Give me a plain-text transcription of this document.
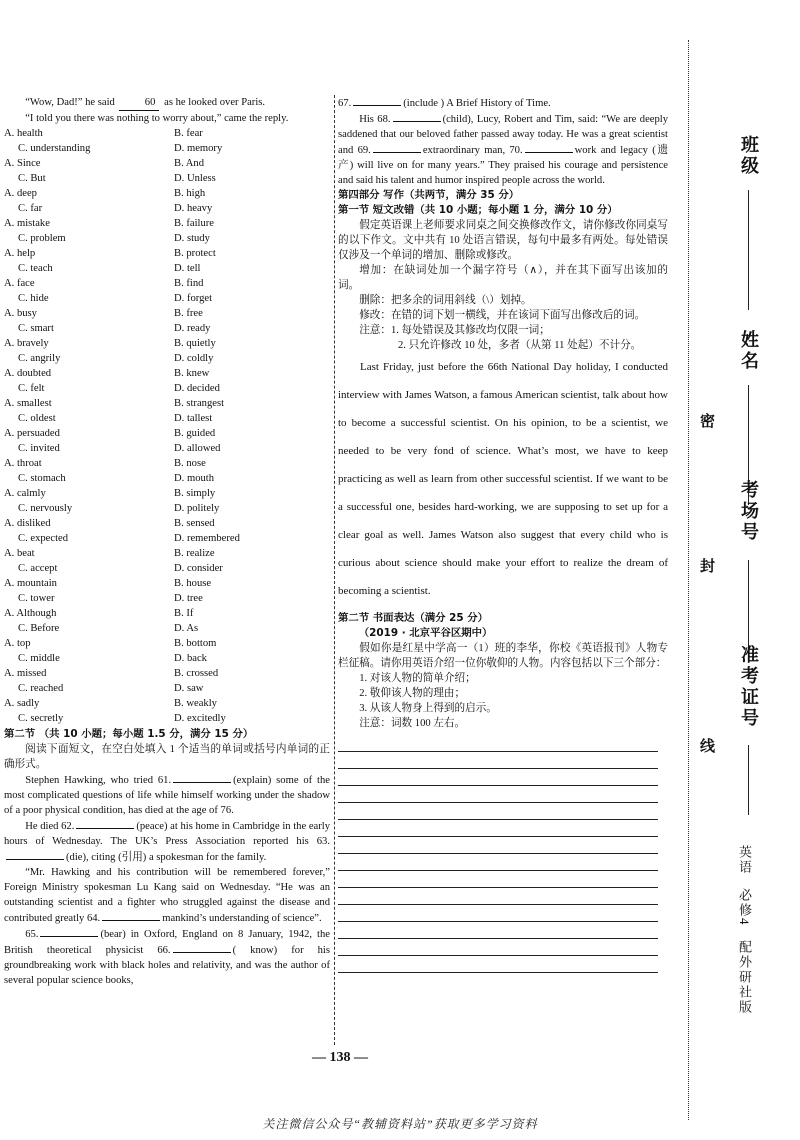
“Wow, Dad!” he said	60 as he looked over Paris.

“I told you there was nothing to worry about,” came the reply.

A. health	B. fear
C. understanding	D. memory
A. Since	B. And
C. But	D. Unless
A. deep	B. high
C. far	D. heavy
A. mistake	B. failure
C. problem	D. study
A. help	B. protect
C. teach	D. tell
A. face	B. find
C. hide	D. forget
A. busy	B. free
C. smart	D. ready
A. bravely	B. quietly
C. angrily	D. coldly
A. doubted	B. knew
C. felt	D. decided
A. smallest	B. strangest
C. oldest	D. tallest
A. persuaded	B. guided
C. invited	D. allowed
A. throat	B. nose
C. stomach	D. mouth
A. calmly	B. simply
C. nervously	D. politely
A. disliked	B. sensed
C. expected	D. remembered
A. beat	B. realize
C. accept	D. consider
A. mountain	B. house
C. tower	D. tree
A. Although	B. If
C. Before	D. As
A. top	B. bottom
C. middle	D. back
A. missed	B. crossed
C. reached	D. saw
A. sadly	B. weakly
C. secretly	D. excitedly

第二节 （共 10 小题；每小题 1.5 分，满分 15 分）

阅读下面短文，在空白处填入 1 个适当的单词或括号内单词的正确形式。

Stephen Hawking, who tried 61.	(explain) some of the most complicated questions of life while himself working under the shadow of a poor physical condition, has died at the age of 76.

He died 62.	(peace) at his home in Cambridge in the early hours of Wednesday. The UK’s Press Association reported his 63.(die), citing (引用) a spokesman for the family.

“Mr. Hawking and his contribution will be remembered forever,” Foreign Ministry spokesman Lu Kang said on Wednesday. “He was an outstanding scientist and a fighter who struggled against the disease and contributed greatly 64.	mankind’s understanding of science”.

65.	(bear) in Oxford, England on 8 January, 1942, the British theoretical physicist 66.	( know) for his groundbreaking work with black holes and relativity, and was the author of several popular science books,

67.	(include ) A Brief History of Time.

His 68.	(child), Lucy, Robert and Tim, said: “We are deeply saddened that our beloved father passed away today. He was a great scientist and 69.	extraordinary man, 70.	work and legacy (遗产) will live on for many years.” They praised his courage and persistence and said his talent and humor inspired people across the world.

第四部分 写作（共两节，满分 35 分）

第一节 短文改错（共 10 小题；每小题 1 分，满分 10 分）

假定英语课上老师要求同桌之间交换修改作文，请你修改你同桌写的以下作文。文中共有 10 处语言错误，每句中最多有两处。每处错误仅涉及一个单词的增加、删除或修改。

增加：在缺词处加一个漏字符号（∧），并在其下面写出该加的词。

删除：把多余的词用斜线（\）划掉。

修改：在错的词下划一横线，并在该词下面写出修改后的词。

注意：1. 每处错误及其修改均仅限一词；

2. 只允许修改 10 处，多者（从第 11 处起）不计分。

Last Friday, just before the 66th National Day holiday, I conducted interview with James Watson, a famous American scientist, talk about how to become a successful scientist. On his opinion, to be a scientist, we needed to be very fond of science. What’s most, we have to keep practicing as well as learn from other successful scientist. If we want to be a successful one, besides hard-working, we are supposing to set up for a clear goal as well. James Watson also suggest that every child who is curious about science should make your effort to realize the dream of becoming a scientist.

第二节 书面表达（满分 25 分）

（2019 · 北京平谷区期中）

假如你是红星中学高一（1）班的李华，你校《英语报刊》人物专栏征稿。请你用英语介绍一位你敬仰的人物。内容包括以下三个部分：

1. 对该人物的简单介绍；

2. 敬仰该人物的理由；

3. 从该人物身上得到的启示。

注意：词数 100 左右。

— 138 —
关注微信公众号“教辅资料站”获取更多学习资料
密
封
线
班级
姓名
考场号
准考证号
英语 必修4 配外研社版
